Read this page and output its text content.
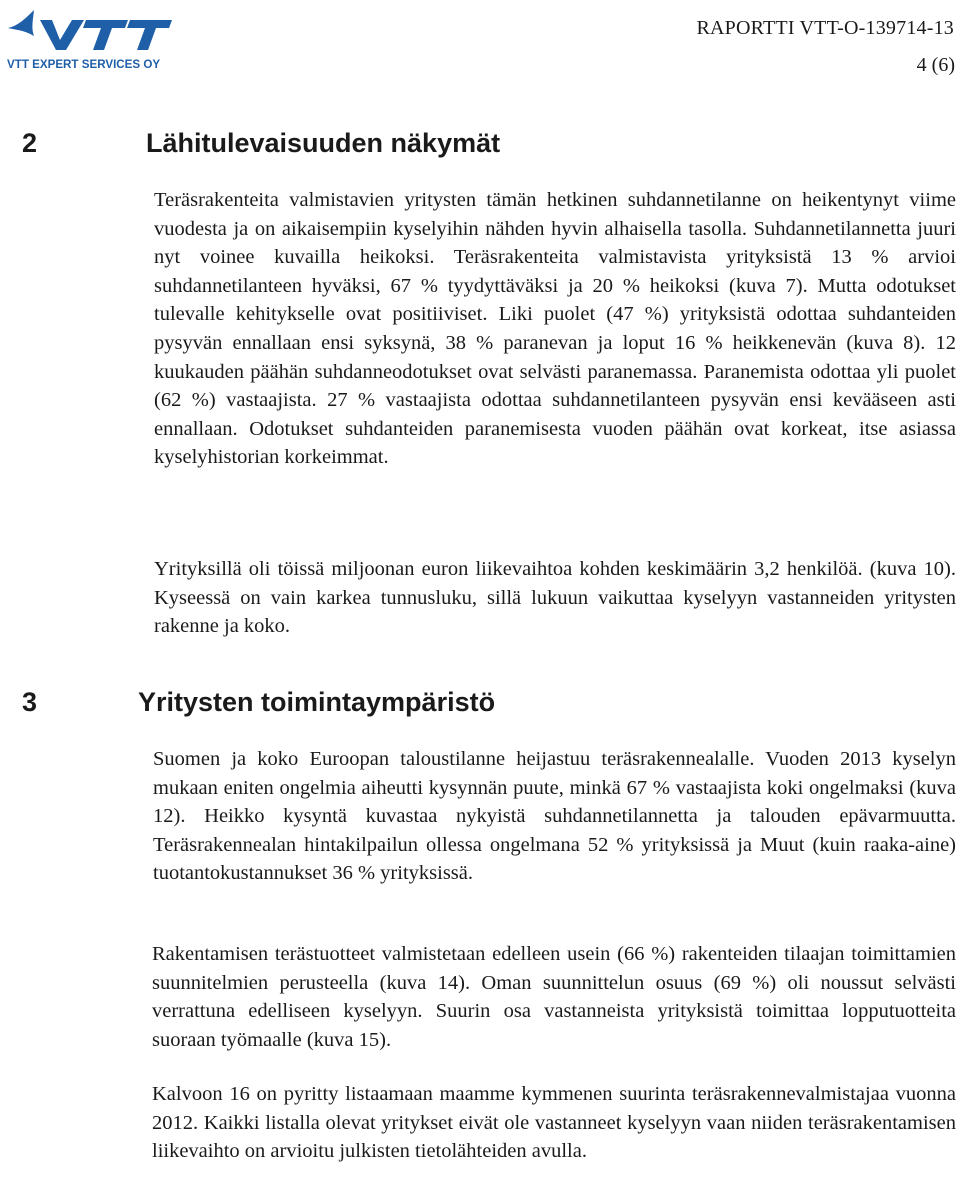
VTT EXPERT SERVICES OY
RAPORTTI VTT-O-139714-13
4 (6)
2	Lähitulevaisuuden näkymät

Teräsrakenteita valmistavien yritysten tämän hetkinen suhdannetilanne on heikentynyt viime vuodesta ja on aikaisempiin kyselyihin nähden hyvin alhaisella tasolla. Suhdannetilannetta juuri nyt voinee kuvailla heikoksi. Teräsrakenteita valmistavista yrityksistä 13 % arvioi suhdannetilanteen hyväksi, 67 % tyydyttäväksi ja 20 % heikoksi (kuva 7). Mutta odotukset tulevalle kehitykselle ovat positiiviset. Liki puolet (47 %) yrityksistä odottaa suhdanteiden pysyvän ennallaan ensi syksynä, 38 % paranevan ja loput 16 % heikkenevän (kuva 8). 12 kuukauden päähän suhdanneodotukset ovat selvästi paranemassa. Paranemista odottaa yli puolet (62 %) vastaajista. 27 % vastaajista odottaa suhdannetilanteen pysyvän ensi kevääseen asti ennallaan. Odotukset suhdanteiden paranemisesta vuoden päähän ovat korkeat, itse asiassa kyselyhistorian korkeimmat.

Yrityksillä oli töissä miljoonan euron liikevaihtoa kohden keskimäärin 3,2 henkilöä. (kuva 10). Kyseessä on vain karkea tunnusluku, sillä lukuun vaikuttaa kyselyyn vastanneiden yritysten rakenne ja koko.

3	Yritysten toimintaympäristö

Suomen ja koko Euroopan taloustilanne heijastuu teräsrakennealalle. Vuoden 2013 kyselyn mukaan eniten ongelmia aiheutti kysynnän puute, minkä 67 % vastaajista koki ongelmaksi (kuva 12). Heikko kysyntä kuvastaa nykyistä suhdannetilannetta ja talouden epävarmuutta. Teräsrakennealan hintakilpailun ollessa ongelmana 52 % yrityksissä ja Muut (kuin raaka-aine) tuotantokustannukset 36 % yrityksissä.

Rakentamisen terästuotteet valmistetaan edelleen usein (66 %) rakenteiden tilaajan toimittamien suunnitelmien perusteella (kuva 14). Oman suunnittelun osuus (69 %) oli noussut selvästi verrattuna edelliseen kyselyyn. Suurin osa vastanneista yrityksistä toimittaa lopputuotteita suoraan työmaalle (kuva 15).

Kalvoon 16 on pyritty listaamaan maamme kymmenen suurinta teräsrakennevalmistajaa vuonna 2012. Kaikki listalla olevat yritykset eivät ole vastanneet kyselyyn vaan niiden teräsrakentamisen liikevaihto on arvioitu julkisten tietolähteiden avulla.
